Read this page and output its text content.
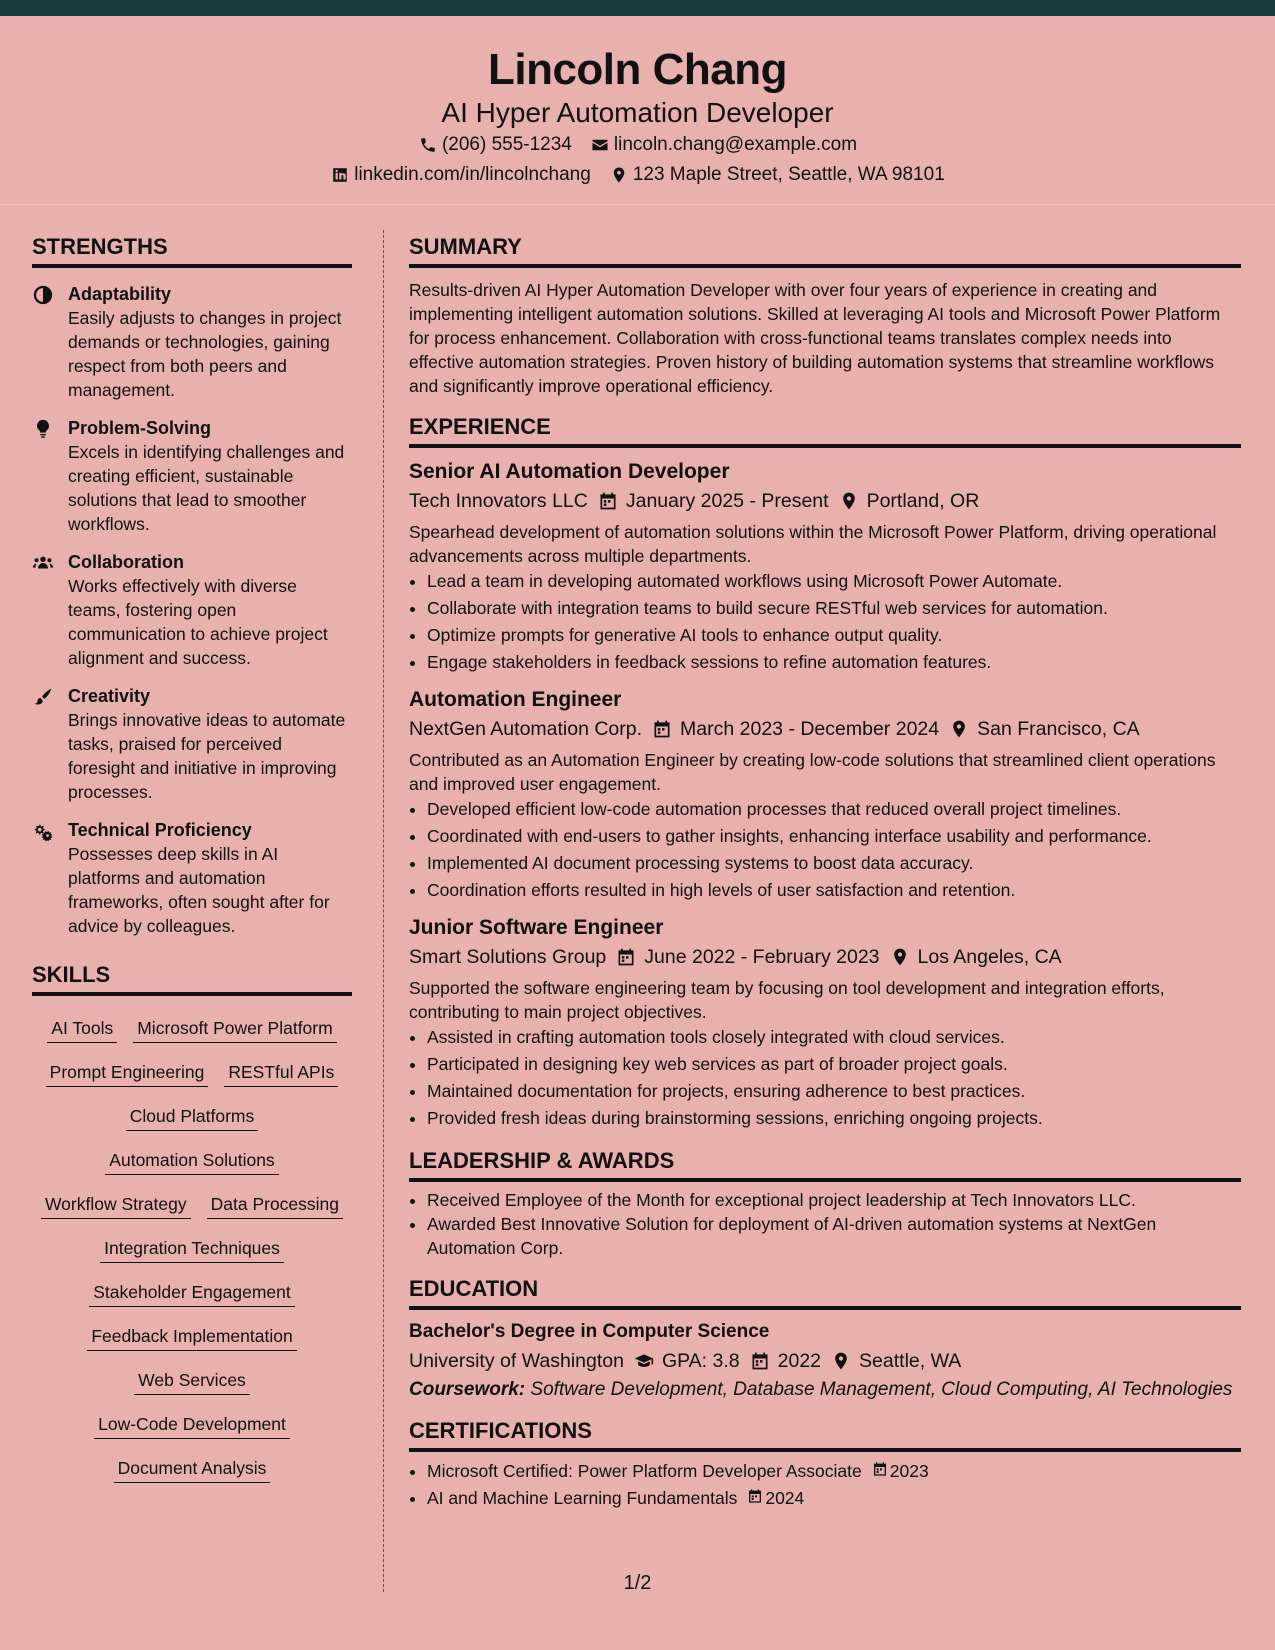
Lincoln Chang
AI Hyper Automation Developer
(206) 555-1234 lincoln.chang@example.com
linkedin.com/in/lincolnchang 123 Maple Street, Seattle, WA 98101
STRENGTHS
Adaptability
Easily adjusts to changes in project demands or technologies, gaining respect from both peers and management.
Problem-Solving
Excels in identifying challenges and creating efficient, sustainable solutions that lead to smoother workflows.
Collaboration
Works effectively with diverse teams, fostering open communication to achieve project alignment and success.
Creativity
Brings innovative ideas to automate tasks, praised for perceived foresight and initiative in improving processes.
Technical Proficiency
Possesses deep skills in AI platforms and automation frameworks, often sought after for advice by colleagues.
SKILLS
AI Tools Microsoft Power Platform
Prompt Engineering RESTful APIs
Cloud Platforms
Automation Solutions
Workflow Strategy Data Processing
Integration Techniques
Stakeholder Engagement
Feedback Implementation
Web Services
Low-Code Development
Document Analysis
SUMMARY
Results-driven AI Hyper Automation Developer with over four years of experience in creating and implementing intelligent automation solutions. Skilled at leveraging AI tools and Microsoft Power Platform for process enhancement. Collaboration with cross-functional teams translates complex needs into effective automation strategies. Proven history of building automation systems that streamline workflows and significantly improve operational efficiency.
EXPERIENCE
Senior AI Automation Developer
Tech Innovators LLC January 2025 - Present Portland, OR
Spearhead development of automation solutions within the Microsoft Power Platform, driving operational advancements across multiple departments.
• Lead a team in developing automated workflows using Microsoft Power Automate.
• Collaborate with integration teams to build secure RESTful web services for automation.
• Optimize prompts for generative AI tools to enhance output quality.
• Engage stakeholders in feedback sessions to refine automation features.
Automation Engineer
NextGen Automation Corp. March 2023 - December 2024 San Francisco, CA
Contributed as an Automation Engineer by creating low-code solutions that streamlined client operations and improved user engagement.
• Developed efficient low-code automation processes that reduced overall project timelines.
• Coordinated with end-users to gather insights, enhancing interface usability and performance.
• Implemented AI document processing systems to boost data accuracy.
• Coordination efforts resulted in high levels of user satisfaction and retention.
Junior Software Engineer
Smart Solutions Group June 2022 - February 2023 Los Angeles, CA
Supported the software engineering team by focusing on tool development and integration efforts, contributing to main project objectives.
• Assisted in crafting automation tools closely integrated with cloud services.
• Participated in designing key web services as part of broader project goals.
• Maintained documentation for projects, ensuring adherence to best practices.
• Provided fresh ideas during brainstorming sessions, enriching ongoing projects.
LEADERSHIP & AWARDS
• Received Employee of the Month for exceptional project leadership at Tech Innovators LLC.
• Awarded Best Innovative Solution for deployment of AI-driven automation systems at NextGen Automation Corp.
EDUCATION
Bachelor's Degree in Computer Science
University of Washington GPA: 3.8 2022 Seattle, WA
Coursework: Software Development, Database Management, Cloud Computing, AI Technologies
CERTIFICATIONS
• Microsoft Certified: Power Platform Developer Associate 2023
• AI and Machine Learning Fundamentals 2024
1/2
